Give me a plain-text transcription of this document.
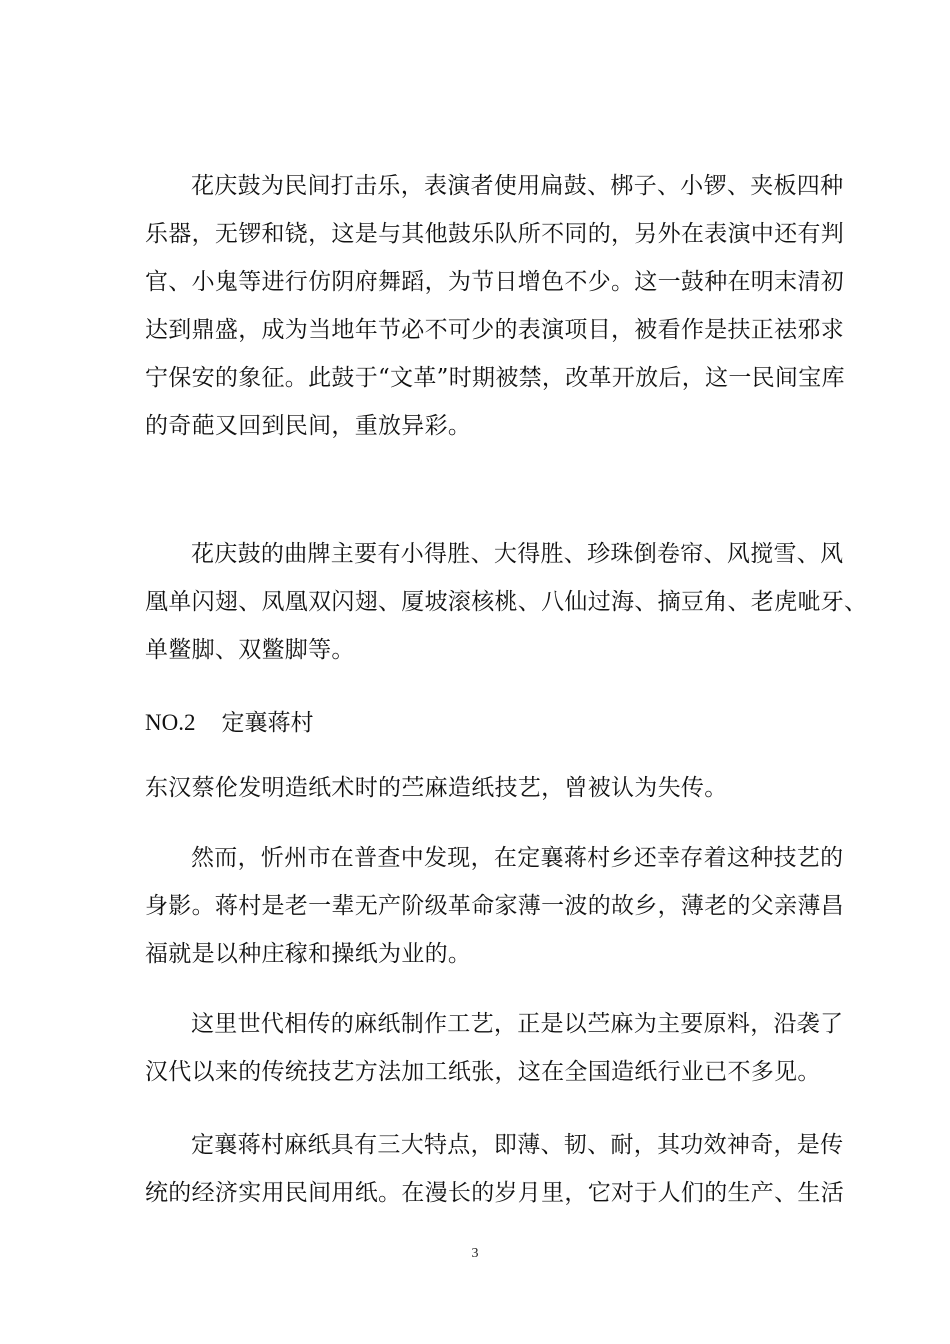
花庆鼓为民间打击乐，表演者使用扁鼓、梆子、小锣、夹板四种
乐器，无锣和铙，这是与其他鼓乐队所不同的，另外在表演中还有判
官、小鬼等进行仿阴府舞蹈，为节日增色不少。这一鼓种在明末清初
达到鼎盛，成为当地年节必不可少的表演项目，被看作是扶正祛邪求
宁保安的象征。此鼓于“文革”时期被禁，改革开放后，这一民间宝库
的奇葩又回到民间，重放异彩。
花庆鼓的曲牌主要有小得胜、大得胜、珍珠倒卷帘、风搅雪、风
凰单闪翅、凤凰双闪翅、厦坡滚核桃、八仙过海、摘豆角、老虎呲牙、
单鳖脚、双鳖脚等。
NO.2 定襄蒋村
东汉蔡伦发明造纸术时的苎麻造纸技艺，曾被认为失传。
然而，忻州市在普查中发现，在定襄蒋村乡还幸存着这种技艺的
身影。蒋村是老一辈无产阶级革命家薄一波的故乡，薄老的父亲薄昌
福就是以种庄稼和操纸为业的。
这里世代相传的麻纸制作工艺，正是以苎麻为主要原料，沿袭了
汉代以来的传统技艺方法加工纸张，这在全国造纸行业已不多见。
定襄蒋村麻纸具有三大特点，即薄、韧、耐，其功效神奇，是传
统的经济实用民间用纸。在漫长的岁月里，它对于人们的生产、生活
3
